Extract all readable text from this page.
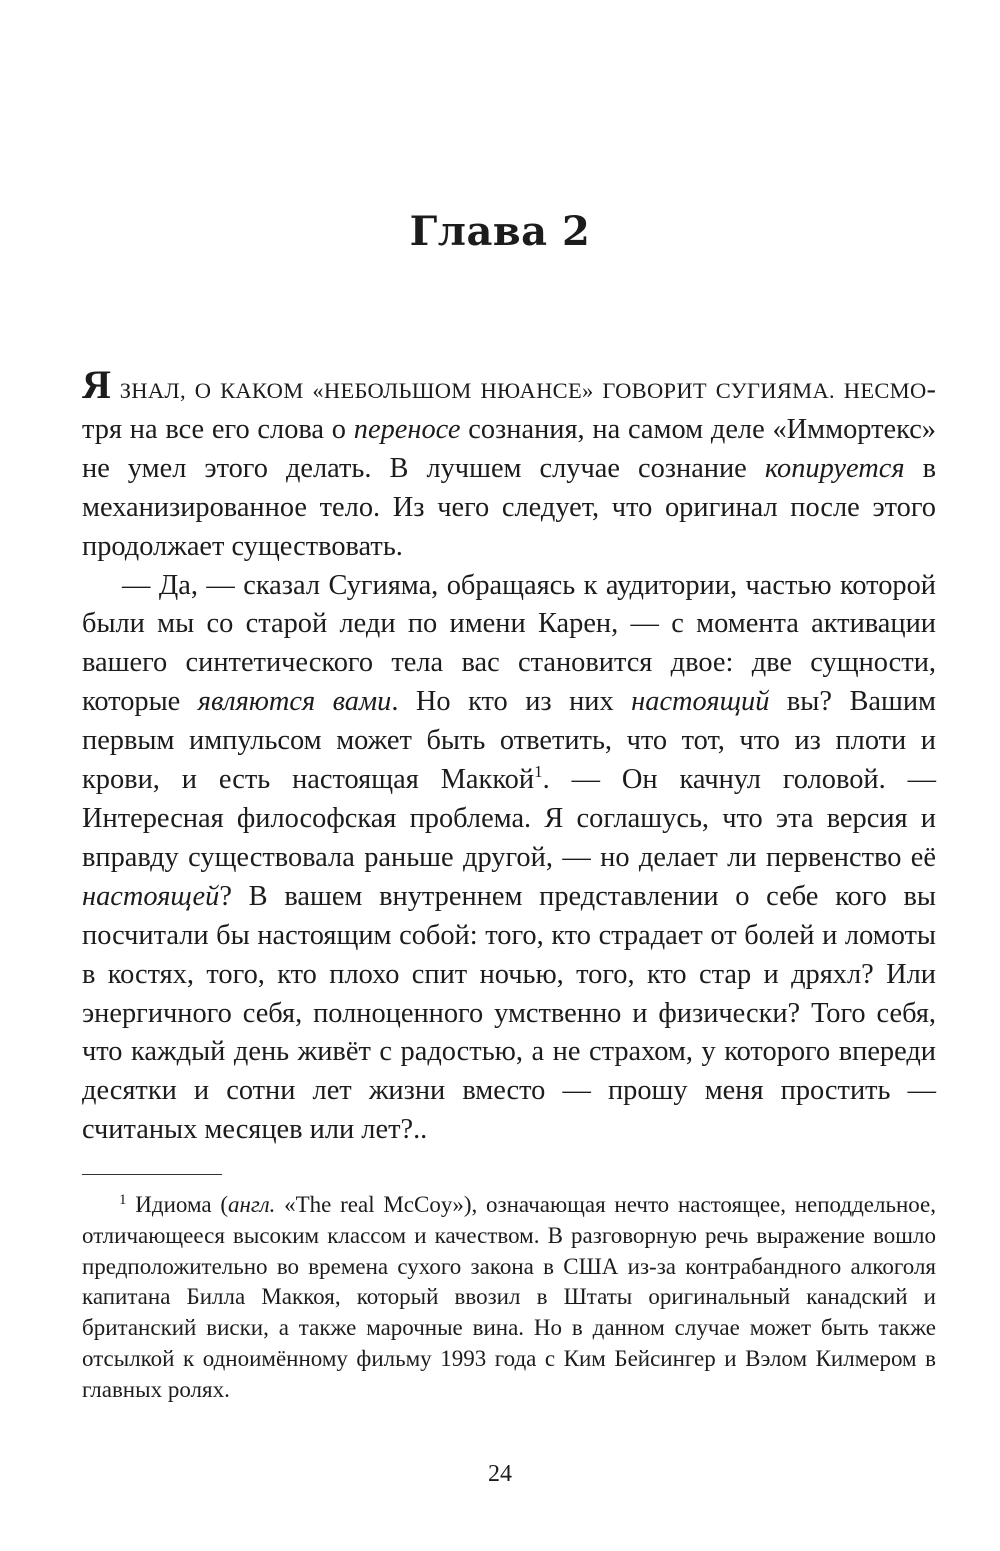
Глава 2

Я ЗНАЛ, О КАКОМ «НЕБОЛЬШОМ НЮАНСЕ» ГОВОРИТ СУГИЯМА. НЕСМО-тря на все его слова о переносе сознания, на самом деле «Иммортекс» не умел этого делать. В лучшем случае сознание копируется в механизированное тело. Из чего следует, что оригинал после этого продолжает существовать.

— Да, — сказал Сугияма, обращаясь к аудитории, частью которой были мы со старой леди по имени Карен, — с момента активации вашего синтетического тела вас становится двое: две сущности, которые являются вами. Но кто из них настоящий вы? Вашим первым импульсом может быть ответить, что тот, что из плоти и крови, и есть настоящая Маккой$^1$. — Он качнул головой. — Интересная философская проблема. Я соглашусь, что эта версия и вправду существовала раньше другой, — но делает ли первенство её настоящей? В вашем внутреннем представлении о себе кого вы посчитали бы настоящим собой: того, кто страдает от болей и ломоты в костях, того, кто плохо спит ночью, того, кто стар и дряхл? Или энергичного себя, полноценного умственно и физически? Того себя, что каждый день живёт с радостью, а не страхом, у которого впереди десятки и сотни лет жизни вместо — прошу меня простить — считаных месяцев или лет?..

$^1$ Идиома (англ. «The real McCoy»), означающая нечто настоящее, неподдельное, отличающееся высоким классом и качеством. В разговорную речь выражение вошло предположительно во времена сухого закона в США из-за контрабандного алкоголя капитана Билла Маккоя, который ввозил в Штаты оригинальный канадский и британский виски, а также марочные вина. Но в данном случае может быть также отсылкой к одноимённому фильму 1993 года с Ким Бейсингер и Вэлом Килмером в главных ролях.

24
